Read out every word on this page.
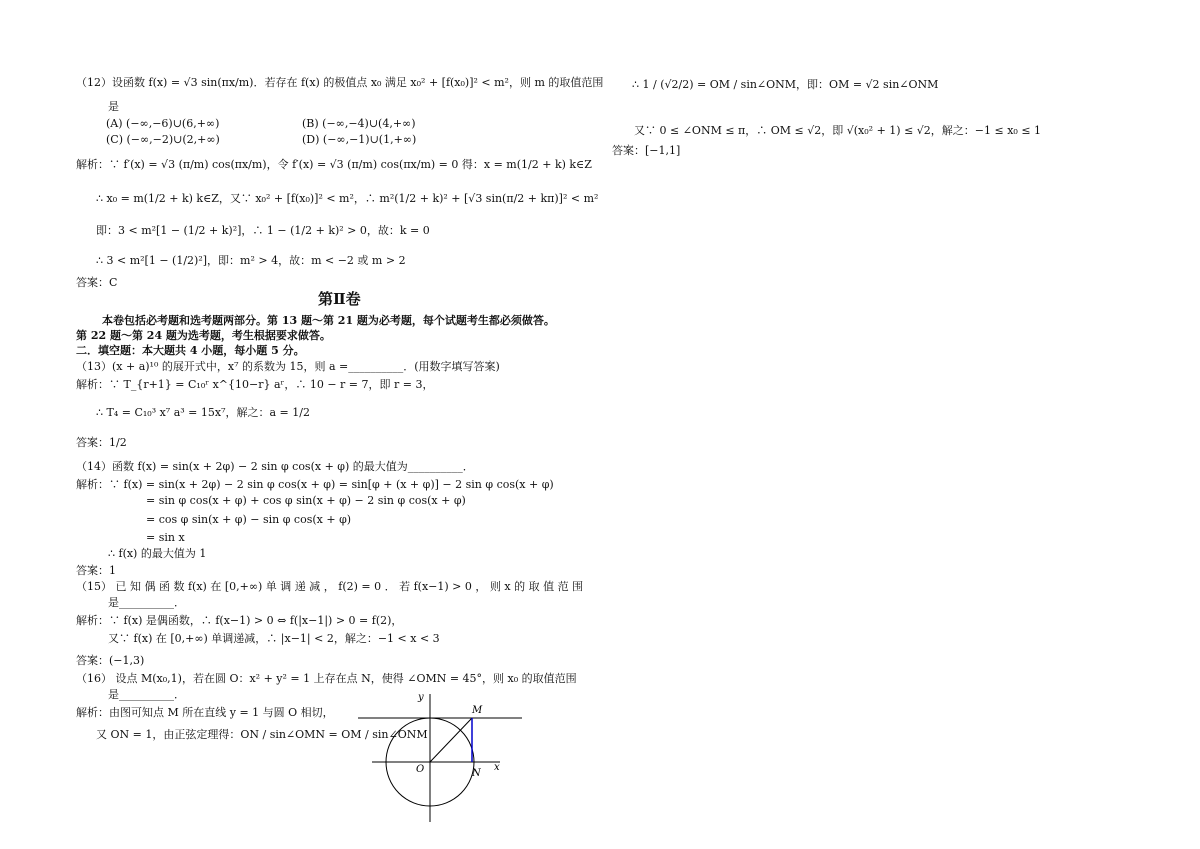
（12）设函数 f(x) = √3 sin(πx/m)．若存在 f(x) 的极值点 x₀ 满足 x₀² + [f(x₀)]² < m²，则 m 的取值范围
是
(A) (−∞,−6)∪(6,+∞)	(B) (−∞,−4)∪(4,+∞)
(C) (−∞,−2)∪(2,+∞)	(D) (−∞,−1)∪(1,+∞)
解析：∵ f′(x) = √3 (π/m) cos(πx/m)，令 f′(x) = √3 (π/m) cos(πx/m) = 0 得：x = m(1/2 + k) k∈Z
∴ x₀ = m(1/2 + k) k∈Z，又∵ x₀² + [f(x₀)]² < m²，∴ m²(1/2 + k)² + [√3 sin(π/2 + kπ)]² < m²
即：3 < m²[1 − (1/2 + k)²]，∴ 1 − (1/2 + k)² > 0，故：k = 0
∴ 3 < m²[1 − (1/2)²]，即：m² > 4，故：m < −2 或 m > 2
答案：C
本卷包括必考题和选考题两部分。第 13 题～第 21 题为必考题，每个试题考生都必须做答。
第 22 题～第 24 题为选考题，考生根据要求做答。
二．填空题：本大题共 4 小题，每小题 5 分。
（13）(x + a)¹⁰ 的展开式中，x⁷ 的系数为 15，则 a =__________．(用数字填写答案)
解析：∵ T_{r+1} = C₁₀ʳ x^{10−r} aʳ，∴ 10 − r = 7，即 r = 3，
∴ T₄ = C₁₀³ x⁷ a³ = 15x⁷，解之：a = 1/2
答案：1/2
（14）函数 f(x) = sin(x + 2φ) − 2 sin φ cos(x + φ) 的最大值为__________．
解析：∵ f(x) = sin(x + 2φ) − 2 sin φ cos(x + φ) = sin[φ + (x + φ)] − 2 sin φ cos(x + φ)
= sin φ cos(x + φ) + cos φ sin(x + φ) − 2 sin φ cos(x + φ)
= cos φ sin(x + φ) − sin φ cos(x + φ)
= sin x
∴ f(x) 的最大值为 1
答案：1
（15） 已 知 偶 函 数 f(x) 在 [0,+∞) 单 调 递 减 ， f(2) = 0 ． 若 f(x−1) > 0 ， 则 x 的 取 值 范 围
是__________．
解析：∵ f(x) 是偶函数，∴ f(x−1) > 0 ⇔ f(|x−1|) > 0 = f(2)，
又∵ f(x) 在 [0,+∞) 单调递减，∴ |x−1| < 2，解之：−1 < x < 3
答案：(−1,3)
（16） 设点 M(x₀,1)，若在圆 O：x² + y² = 1 上存在点 N，使得 ∠OMN = 45°，则 x₀ 的取值范围
是__________．
解析：由图可知点 M 所在直线 y = 1 与圆 O 相切，
又 ON = 1，由正弦定理得：ON / sin∠OMN = OM / sin∠ONM
第Ⅱ卷
∴ 1 / (√2/2) = OM / sin∠ONM，即：OM = √2 sin∠ONM
又∵ 0 ≤ ∠ONM ≤ π，∴ OM ≤ √2，即 √(x₀² + 1) ≤ √2，解之：−1 ≤ x₀ ≤ 1
答案：[−1,1]
y
x
O
M
N
